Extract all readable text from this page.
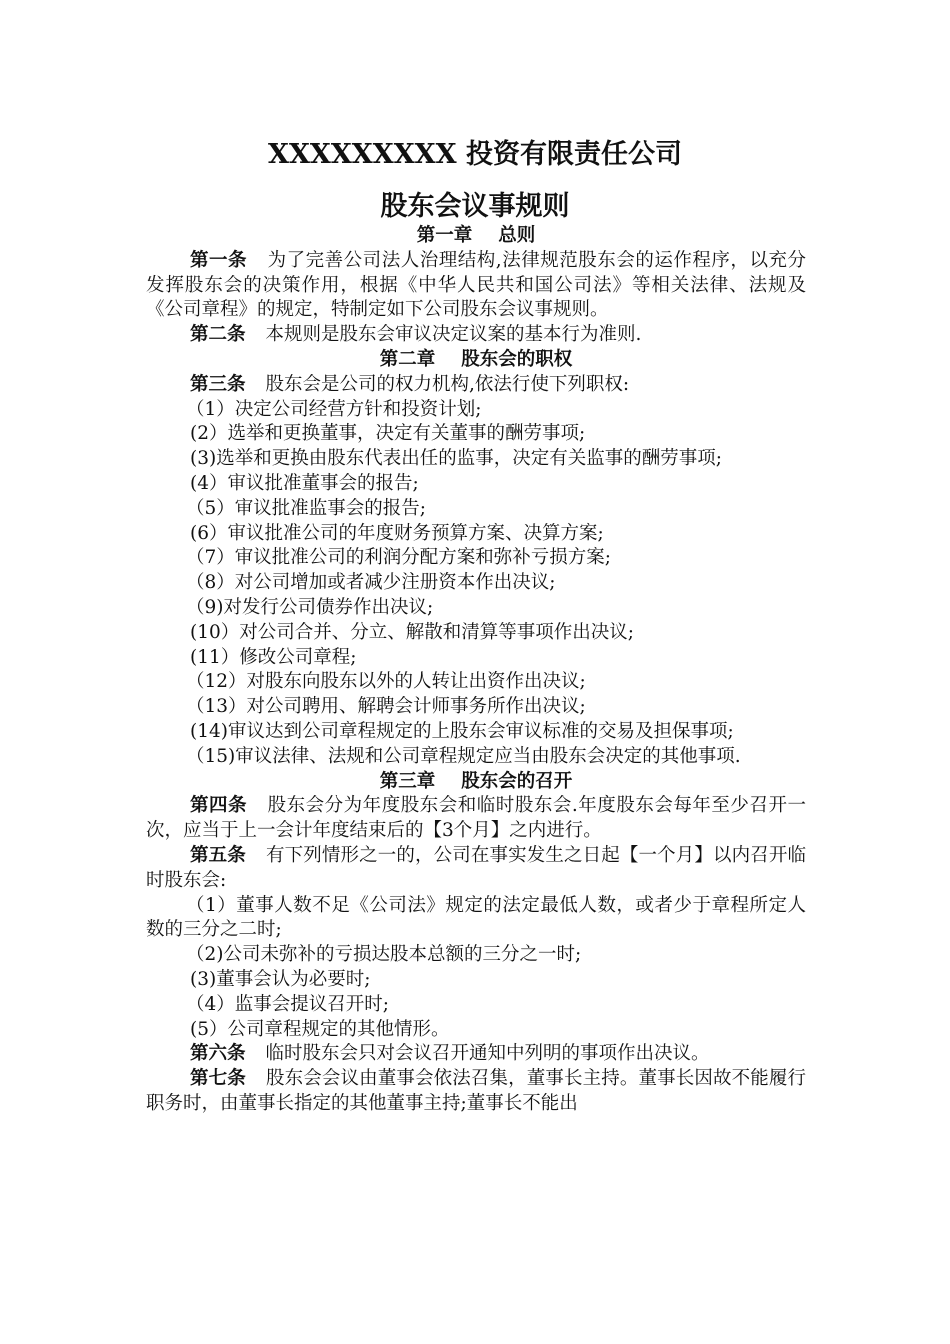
XXXXXXXXX 投资有限责任公司
股东会议事规则

第一章 总则

第一条 为了完善公司法人治理结构,法律规范股东会的运作程序，以充分发挥股东会的决策作用，根据《中华人民共和国公司法》等相关法律、法规及《公司章程》的规定，特制定如下公司股东会议事规则。

第二条 本规则是股东会审议决定议案的基本行为准则.

第二章 股东会的职权

第三条 股东会是公司的权力机构,依法行使下列职权:

（1）决定公司经营方针和投资计划;

(2）选举和更换董事，决定有关董事的酬劳事项;

(3)选举和更换由股东代表出任的监事，决定有关监事的酬劳事项;

(4）审议批准董事会的报告;

（5）审议批准监事会的报告;

(6）审议批准公司的年度财务预算方案、决算方案;

（7）审议批准公司的利润分配方案和弥补亏损方案;

（8）对公司增加或者减少注册资本作出决议;

（9)对发行公司债券作出决议;

(10）对公司合并、分立、解散和清算等事项作出决议;

(11）修改公司章程;

（12）对股东向股东以外的人转让出资作出决议;

（13）对公司聘用、解聘会计师事务所作出决议;

(14)审议达到公司章程规定的上股东会审议标准的交易及担保事项;

（15)审议法律、法规和公司章程规定应当由股东会决定的其他事项.

第三章 股东会的召开

第四条 股东会分为年度股东会和临时股东会.年度股东会每年至少召开一次，应当于上一会计年度结束后的【3个月】之内进行。

第五条 有下列情形之一的，公司在事实发生之日起【一个月】以内召开临时股东会:

（1）董事人数不足《公司法》规定的法定最低人数，或者少于章程所定人数的三分之二时;

（2)公司未弥补的亏损达股本总额的三分之一时;

(3)董事会认为必要时;

（4）监事会提议召开时;

(5）公司章程规定的其他情形。

第六条 临时股东会只对会议召开通知中列明的事项作出决议。

第七条 股东会会议由董事会依法召集，董事长主持。董事长因故不能履行职务时，由董事长指定的其他董事主持;董事长不能出
